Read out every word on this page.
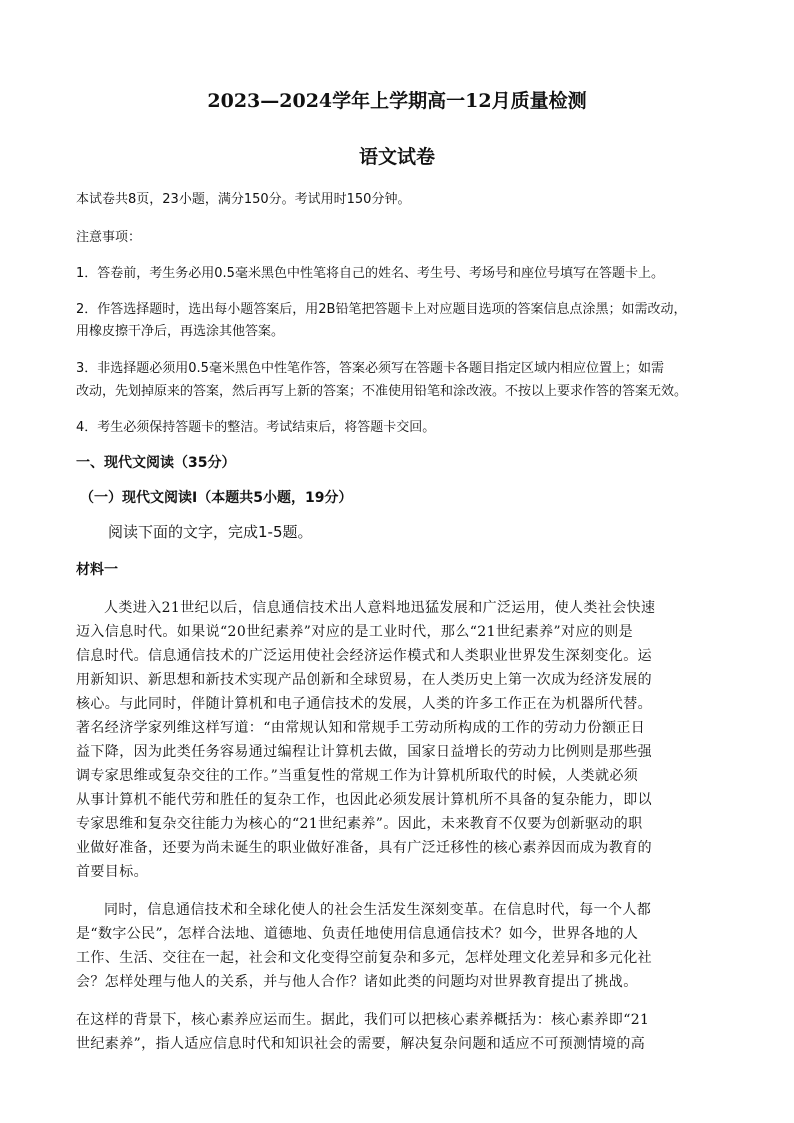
2023—2024学年上学期高一12月质量检测
语文试卷
本试卷共8页，23小题，满分150分。考试用时150分钟。
注意事项：
1．答卷前，考生务必用0.5毫米黑色中性笔将自己的姓名、考生号、考场号和座位号填写在答题卡上。
2．作答选择题时，选出每小题答案后，用2B铅笔把答题卡上对应题目选项的答案信息点涂黑；如需改动，
用橡皮擦干净后，再选涂其他答案。
3．非选择题必须用0.5毫米黑色中性笔作答，答案必须写在答题卡各题目指定区域内相应位置上；如需
改动，先划掉原来的答案，然后再写上新的答案；不准使用铅笔和涂改液。不按以上要求作答的答案无效。
4．考生必须保持答题卡的整洁。考试结束后，将答题卡交回。
一、现代文阅读（35分）
（一）现代文阅读Ⅰ（本题共5小题，19分）
阅读下面的文字，完成1-5题。
材料一
人类进入21世纪以后，信息通信技术出人意料地迅猛发展和广泛运用，使人类社会快速
迈入信息时代。如果说“20世纪素养”对应的是工业时代，那么“21世纪素养”对应的则是
信息时代。信息通信技术的广泛运用使社会经济运作模式和人类职业世界发生深刻变化。运
用新知识、新思想和新技术实现产品创新和全球贸易，在人类历史上第一次成为经济发展的
核心。与此同时，伴随计算机和电子通信技术的发展，人类的许多工作正在为机器所代替。
著名经济学家列维这样写道：“由常规认知和常规手工劳动所构成的工作的劳动力份额正日
益下降，因为此类任务容易通过编程让计算机去做，国家日益增长的劳动力比例则是那些强
调专家思维或复杂交往的工作。”当重复性的常规工作为计算机所取代的时候，人类就必须
从事计算机不能代劳和胜任的复杂工作，也因此必须发展计算机所不具备的复杂能力，即以
专家思维和复杂交往能力为核心的“21世纪素养”。因此，未来教育不仅要为创新驱动的职
业做好准备，还要为尚未诞生的职业做好准备，具有广泛迁移性的核心素养因而成为教育的
首要目标。
同时，信息通信技术和全球化使人的社会生活发生深刻变革。在信息时代，每一个人都
是“数字公民”，怎样合法地、道德地、负责任地使用信息通信技术？如今，世界各地的人
工作、生活、交往在一起，社会和文化变得空前复杂和多元，怎样处理文化差异和多元化社
会？怎样处理与他人的关系，并与他人合作？诸如此类的问题均对世界教育提出了挑战。
在这样的背景下，核心素养应运而生。据此，我们可以把核心素养概括为：核心素养即“21
世纪素养”，指人适应信息时代和知识社会的需要，解决复杂问题和适应不可预测情境的高
